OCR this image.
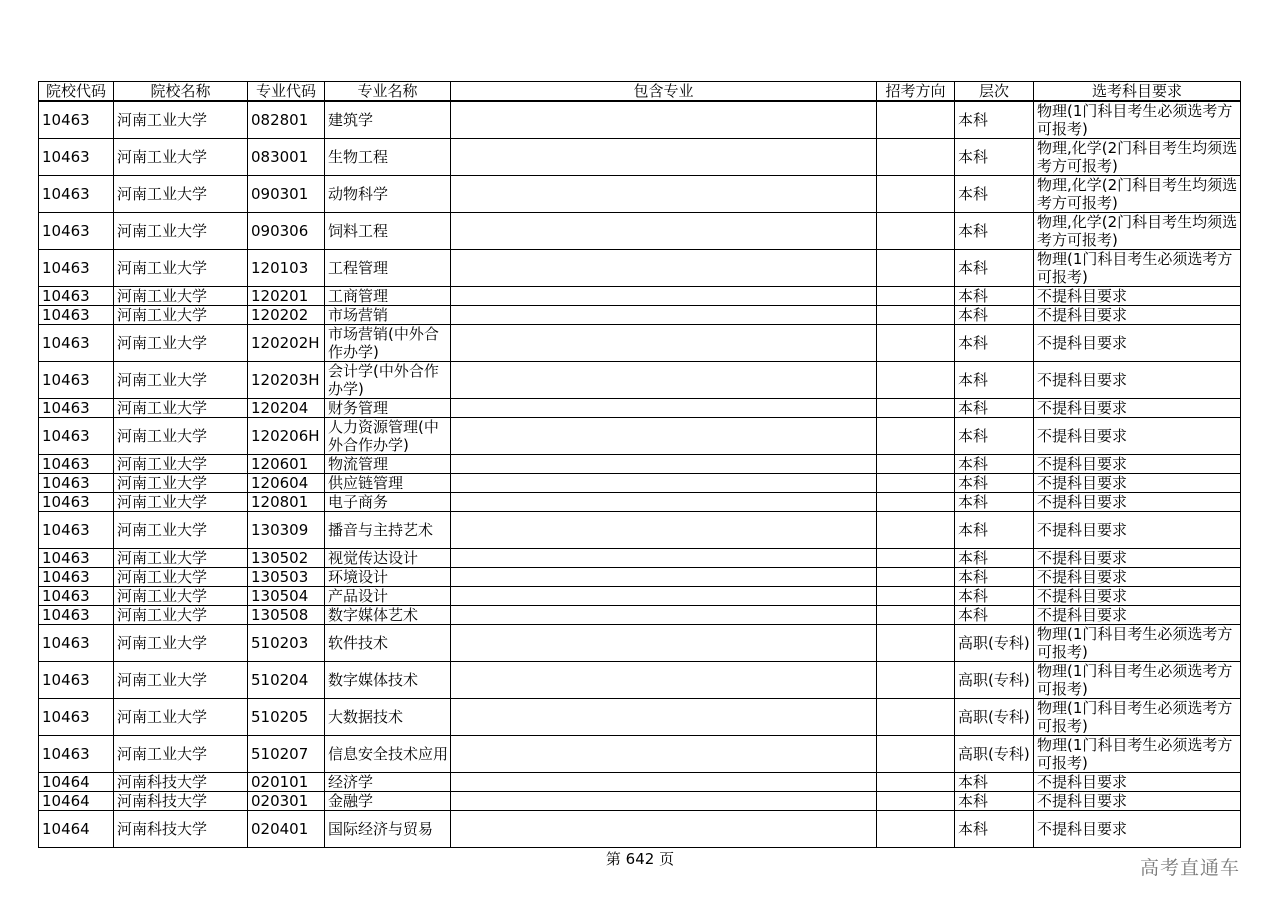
院校代码	院校名称	专业代码	专业名称	包含专业	招考方向	层次	选考科目要求
10463	河南工业大学	082801	建筑学			本科	物理(1门科目考生必须选考方可报考)
10463	河南工业大学	083001	生物工程			本科	物理,化学(2门科目考生均须选考方可报考)
10463	河南工业大学	090301	动物科学			本科	物理,化学(2门科目考生均须选考方可报考)
10463	河南工业大学	090306	饲料工程			本科	物理,化学(2门科目考生均须选考方可报考)
10463	河南工业大学	120103	工程管理			本科	物理(1门科目考生必须选考方可报考)
10463	河南工业大学	120201	工商管理			本科	不提科目要求
10463	河南工业大学	120202	市场营销			本科	不提科目要求
10463	河南工业大学	120202H	市场营销(中外合作办学)			本科	不提科目要求
10463	河南工业大学	120203H	会计学(中外合作办学)			本科	不提科目要求
10463	河南工业大学	120204	财务管理			本科	不提科目要求
10463	河南工业大学	120206H	人力资源管理(中外合作办学)			本科	不提科目要求
10463	河南工业大学	120601	物流管理			本科	不提科目要求
10463	河南工业大学	120604	供应链管理			本科	不提科目要求
10463	河南工业大学	120801	电子商务			本科	不提科目要求
10463	河南工业大学	130309	播音与主持艺术			本科	不提科目要求
10463	河南工业大学	130502	视觉传达设计			本科	不提科目要求
10463	河南工业大学	130503	环境设计			本科	不提科目要求
10463	河南工业大学	130504	产品设计			本科	不提科目要求
10463	河南工业大学	130508	数字媒体艺术			本科	不提科目要求
10463	河南工业大学	510203	软件技术			高职(专科)	物理(1门科目考生必须选考方可报考)
10463	河南工业大学	510204	数字媒体技术			高职(专科)	物理(1门科目考生必须选考方可报考)
10463	河南工业大学	510205	大数据技术			高职(专科)	物理(1门科目考生必须选考方可报考)
10463	河南工业大学	510207	信息安全技术应用			高职(专科)	物理(1门科目考生必须选考方可报考)
10464	河南科技大学	020101	经济学			本科	不提科目要求
10464	河南科技大学	020301	金融学			本科	不提科目要求
10464	河南科技大学	020401	国际经济与贸易			本科	不提科目要求
第 642 页	高考直通车
